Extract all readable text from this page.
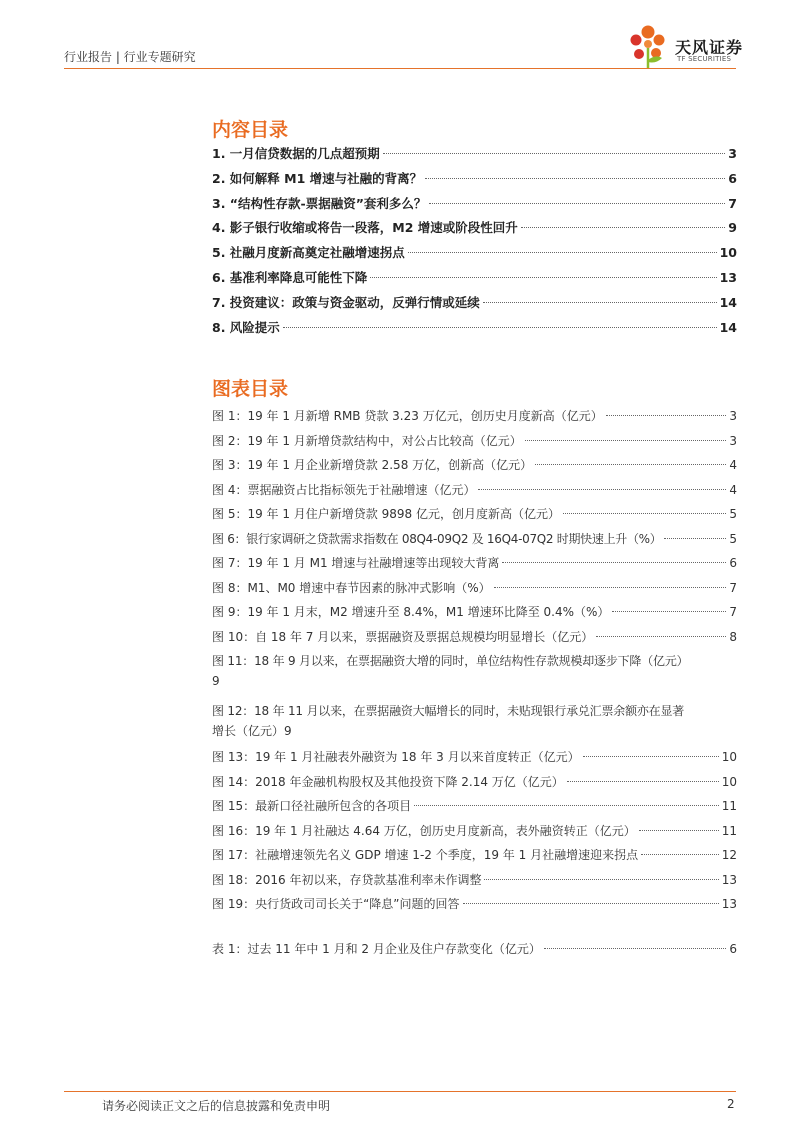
行业报告 | 行业专题研究	天风证券
TF SECURITIES
内容目录
1. 一月信贷数据的几点超预期	3
2. 如何解释 M1 增速与社融的背离？	6
3. “结构性存款-票据融资”套利多么？	7
4. 影子银行收缩或将告一段落，M2 增速或阶段性回升	9
5. 社融月度新高奠定社融增速拐点	10
6. 基准利率降息可能性下降	13
7. 投资建议：政策与资金驱动，反弹行情或延续	14
8. 风险提示	14
图表目录
图 1：19 年 1 月新增 RMB 贷款 3.23 万亿元，创历史月度新高（亿元）	3
图 2：19 年 1 月新增贷款结构中，对公占比较高（亿元）	3
图 3：19 年 1 月企业新增贷款 2.58 万亿，创新高（亿元）	4
图 4：票据融资占比指标领先于社融增速（亿元）	4
图 5：19 年 1 月住户新增贷款 9898 亿元，创月度新高（亿元）	5
图 6：银行家调研之贷款需求指数在 08Q4-09Q2 及 16Q4-07Q2 时期快速上升（%）	5
图 7：19 年 1 月 M1 增速与社融增速等出现较大背离	6
图 8：M1、M0 增速中春节因素的脉冲式影响（%）	7
图 9：19 年 1 月末，M2 增速升至 8.4%，M1 增速环比降至 0.4%（%）	7
图 10：自 18 年 7 月以来，票据融资及票据总规模均明显增长（亿元）	8
图 11：18 年 9 月以来，在票据融资大增的同时，单位结构性存款规模却逐步下降（亿元）
9
图 12：18 年 11 月以来，在票据融资大幅增长的同时，未贴现银行承兑汇票余额亦在显著
增长（亿元） 9
图 13：19 年 1 月社融表外融资为 18 年 3 月以来首度转正（亿元）	10
图 14：2018 年金融机构股权及其他投资下降 2.14 万亿（亿元）	10
图 15：最新口径社融所包含的各项目	11
图 16：19 年 1 月社融达 4.64 万亿，创历史月度新高，表外融资转正（亿元）	11
图 17：社融增速领先名义 GDP 增速 1-2 个季度，19 年 1 月社融增速迎来拐点	12
图 18：2016 年初以来，存贷款基准利率未作调整	13
图 19：央行货政司司长关于“降息”问题的回答	13
表 1：过去 11 年中 1 月和 2 月企业及住户存款变化（亿元）	6
请务必阅读正文之后的信息披露和免责申明	2
